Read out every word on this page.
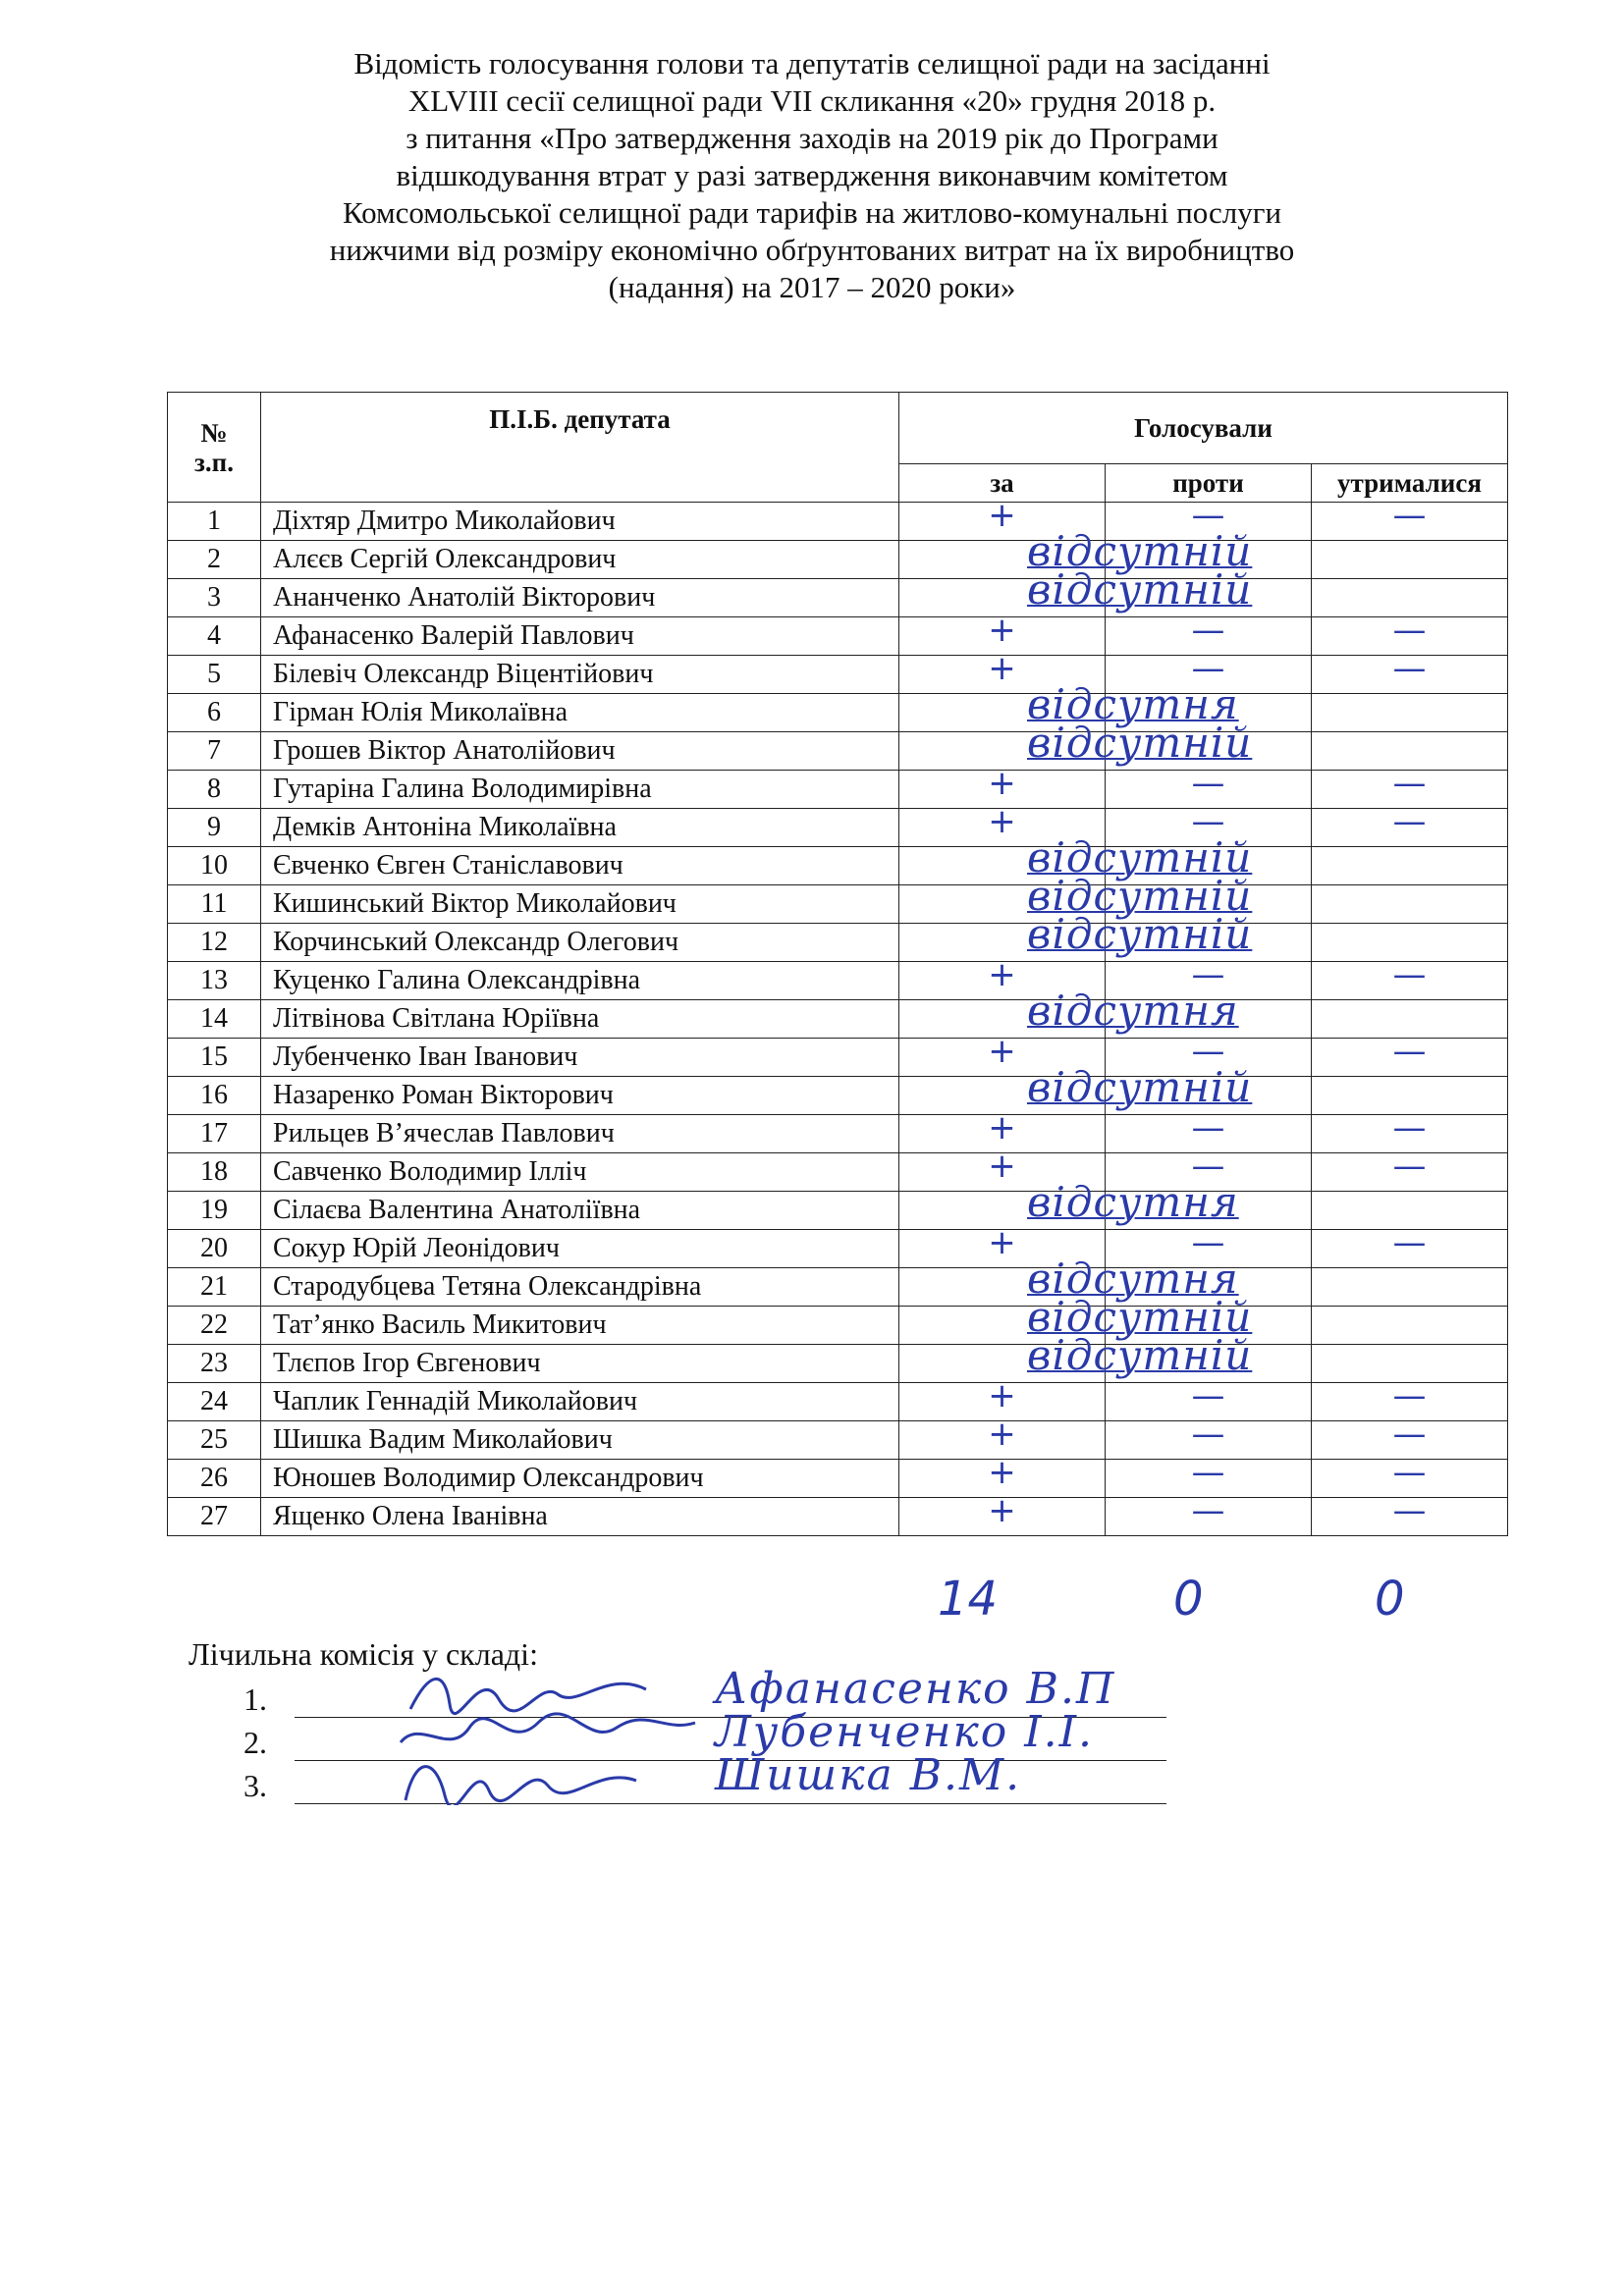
Відомість голосування голови та депутатів селищної ради на засіданні
XLVIII сесії селищної ради VII скликання «20» грудня 2018 р.
з питання «Про затвердження заходів на 2019 рік до Програми
відшкодування втрат у разі затвердження виконавчим комітетом
Комсомольської селищної ради тарифів на житлово-комунальні послуги
нижчими від розміру економічно обґрунтованих витрат на їх виробництво
(надання) на 2017 – 2020 роки»
№
з.п.	П.І.Б. депутата	Голосували		
		за	проти	утрималися
1	Діхтяр Дмитро Миколайович	+	—	—

2	Алєєв Сергій Олександрович	відсутній		

3	Ананченко Анатолій Вікторович	відсутній		

4	Афанасенко Валерій Павлович	+	—	—

5	Білевіч Олександр Віцентійович	+	—	—

6	Гірман Юлія Миколаївна	відсутня		

7	Грошев Віктор Анатолійович	відсутній		

8	Гутаріна Галина Володимирівна	+	—	—

9	Демків Антоніна Миколаївна	+	—	—

10	Євченко Євген Станіславович	відсутній		

11	Кишинський Віктор Миколайович	відсутній		

12	Корчинський Олександр Олегович	відсутній		

13	Куценко Галина Олександрівна	+	—	—

14	Літвінова Світлана Юріївна	відсутня		

15	Лубенченко Іван Іванович	+	—	—

16	Назаренко Роман Вікторович	відсутній		

17	Рильцев В’ячеслав Павлович	+	—	—

18	Савченко Володимир Ілліч	+	—	—

19	Сілаєва Валентина Анатоліївна	відсутня		

20	Сокур Юрій Леонідович	+	—	—

21	Стародубцева Тетяна Олександрівна	відсутня		

22	Тат’янко Василь Микитович	відсутній		

23	Тлєпов Ігор Євгенович	відсутній		

24	Чаплик Геннадій Миколайович	+	—	—

25	Шишка Вадим Миколайович	+	—	—

26	Юношев Володимир Олександрович	+	—	—

27	Ященко Олена Іванівна	+	—	—
14	0	0
Лічильна комісія у складі:
1.	Афанасенко В.П
2.	Лубенченко І.І.
3.	Шишка В.М.
